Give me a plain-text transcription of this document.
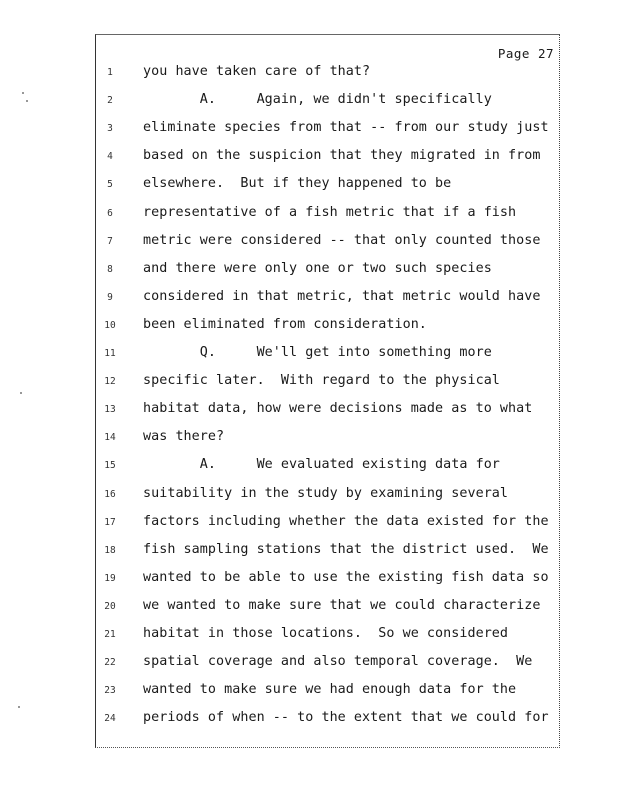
Page 27
1	you have taken care of that?
2	A.     Again, we didn't specifically
3	eliminate species from that -- from our study just
4	based on the suspicion that they migrated in from
5	elsewhere.  But if they happened to be
6	representative of a fish metric that if a fish
7	metric were considered -- that only counted those
8	and there were only one or two such species
9	considered in that metric, that metric would have
10	been eliminated from consideration.
11	Q.     We'll get into something more
12	specific later.  With regard to the physical
13	habitat data, how were decisions made as to what
14	was there?
15	A.     We evaluated existing data for
16	suitability in the study by examining several
17	factors including whether the data existed for the
18	fish sampling stations that the district used.  We
19	wanted to be able to use the existing fish data so
20	we wanted to make sure that we could characterize
21	habitat in those locations.  So we considered
22	spatial coverage and also temporal coverage.  We
23	wanted to make sure we had enough data for the
24	periods of when -- to the extent that we could for
